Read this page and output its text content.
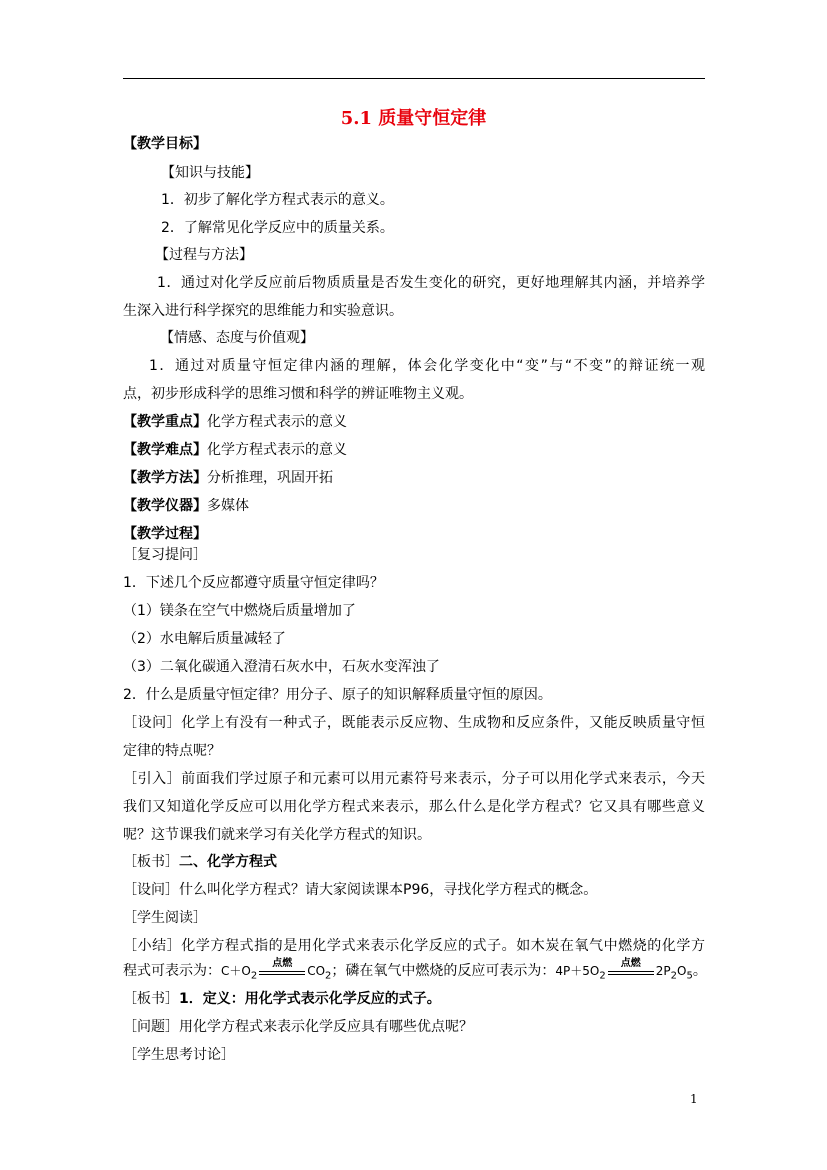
5.1 质量守恒定律
【教学目标】
【知识与技能】
1．初步了解化学方程式表示的意义。
2．了解常见化学反应中的质量关系。
【过程与方法】
1．通过对化学反应前后物质质量是否发生变化的研究，更好地理解其内涵，并培养学
生深入进行科学探究的思维能力和实验意识。
【情感、态度与价值观】
1．通过对质量守恒定律内涵的理解，体会化学变化中“变”与“不变”的辩证统一观
点，初步形成科学的思维习惯和科学的辨证唯物主义观。
【教学重点】化学方程式表示的意义
【教学难点】化学方程式表示的意义
【教学方法】分析推理，巩固开拓
【教学仪器】多媒体
【教学过程】
［复习提问］
1．下述几个反应都遵守质量守恒定律吗？
（1）镁条在空气中燃烧后质量增加了
（2）水电解后质量减轻了
（3）二氧化碳通入澄清石灰水中，石灰水变浑浊了
2．什么是质量守恒定律？用分子、原子的知识解释质量守恒的原因。
［设问］化学上有没有一种式子，既能表示反应物、生成物和反应条件，又能反映质量守恒
定律的特点呢？
［引入］前面我们学过原子和元素可以用元素符号来表示，分子可以用化学式来表示，今天
我们又知道化学反应可以用化学方程式来表示，那么什么是化学方程式？它又具有哪些意义
呢？这节课我们就来学习有关化学方程式的知识。
［板书］二、化学方程式
［设问］什么叫化学方程式？请大家阅读课本P96，寻找化学方程式的概念。
［学生阅读］
［小结］化学方程式指的是用化学式来表示化学反应的式子。如木炭在氧气中燃烧的化学方
程式可表示为：$C+O_2$
点燃
$CO_2$；磷在氧气中燃烧的反应可表示为：$4P+5O_2$
点燃
$2P_2O_5$。
［板书］1．定义：用化学式表示化学反应的式子。
［问题］用化学方程式来表示化学反应具有哪些优点呢？
［学生思考讨论］
1
